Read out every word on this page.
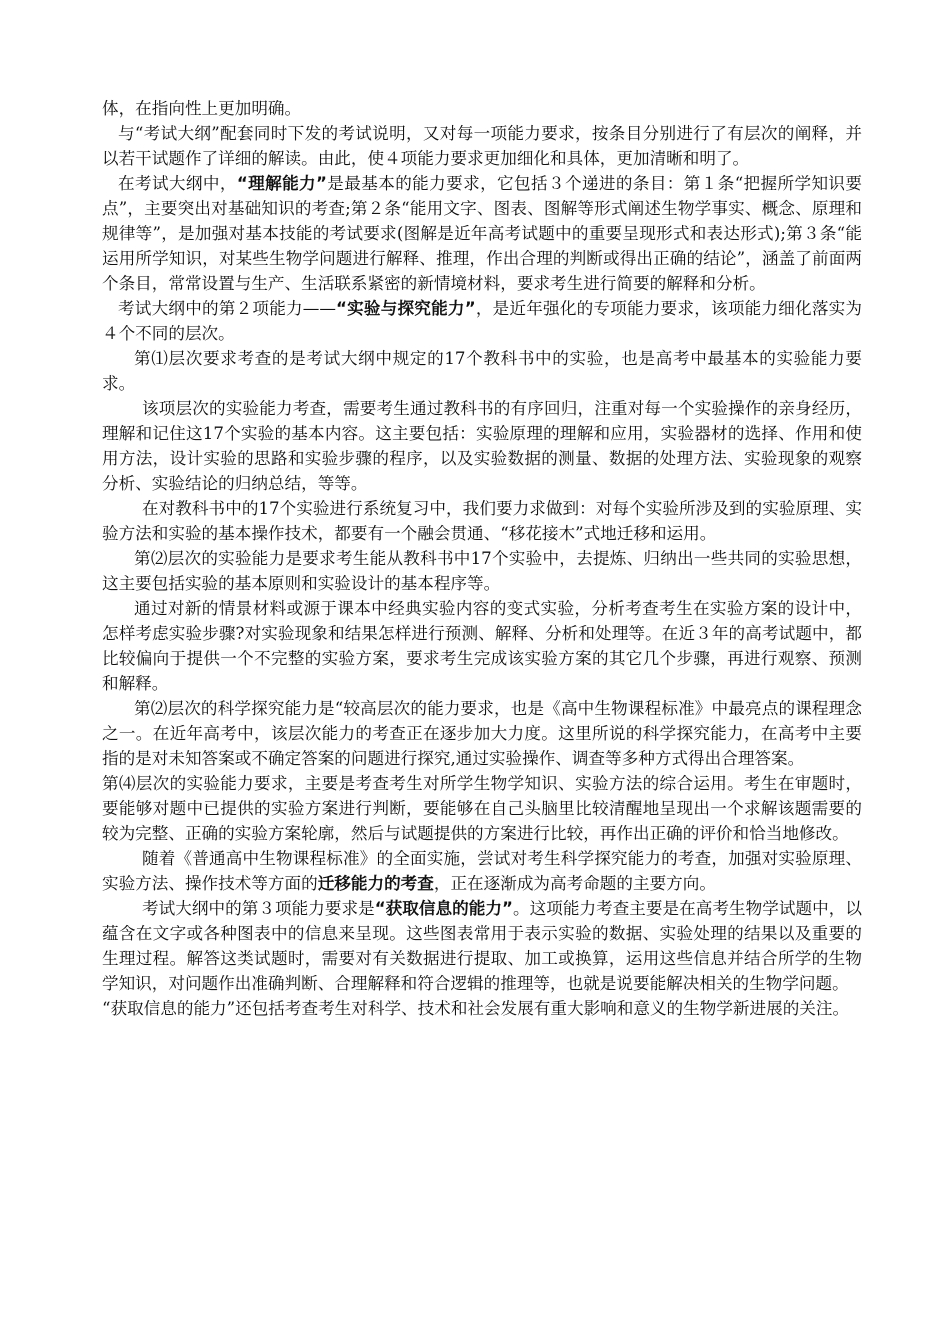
体，在指向性上更加明确。

与“考试大纲”配套同时下发的考试说明，又对每一项能力要求，按条目分别进行了有层次的阐释，并以若干试题作了详细的解读。由此，使４项能力要求更加细化和具体，更加清晰和明了。

在考试大纲中，“理解能力”是最基本的能力要求，它包括３个递进的条目：第１条“把握所学知识要点”，主要突出对基础知识的考查;第２条“能用文字、图表、图解等形式阐述生物学事实、概念、原理和规律等”，是加强对基本技能的考试要求(图解是近年高考试题中的重要呈现形式和表达形式);第３条“能运用所学知识，对某些生物学问题进行解释、推理，作出合理的判断或得出正确的结论”，涵盖了前面两个条目，常常设置与生产、生活联系紧密的新情境材料，要求考生进行简要的解释和分析。

考试大纲中的第２项能力——“实验与探究能力”，是近年强化的专项能力要求，该项能力细化落实为４个不同的层次。

第⑴层次要求考查的是考试大纲中规定的17个教科书中的实验，也是高考中最基本的实验能力要求。

该项层次的实验能力考查，需要考生通过教科书的有序回归，注重对每一个实验操作的亲身经历，理解和记住这17个实验的基本内容。这主要包括：实验原理的理解和应用，实验器材的选择、作用和使用方法，设计实验的思路和实验步骤的程序，以及实验数据的测量、数据的处理方法、实验现象的观察分析、实验结论的归纳总结，等等。

在对教科书中的17个实验进行系统复习中，我们要力求做到：对每个实验所涉及到的实验原理、实验方法和实验的基本操作技术，都要有一个融会贯通、“移花接木”式地迁移和运用。

第⑵层次的实验能力是要求考生能从教科书中17个实验中，去提炼、归纳出一些共同的实验思想，这主要包括实验的基本原则和实验设计的基本程序等。

通过对新的情景材料或源于课本中经典实验内容的变式实验，分析考查考生在实验方案的设计中，怎样考虑实验步骤?对实验现象和结果怎样进行预测、解释、分析和处理等。在近３年的高考试题中，都比较偏向于提供一个不完整的实验方案，要求考生完成该实验方案的其它几个步骤，再进行观察、预测和解释。

第⑵层次的科学探究能力是“较高层次的能力要求，也是《高中生物课程标准》中最亮点的课程理念之一。在近年高考中，该层次能力的考查正在逐步加大力度。这里所说的科学探究能力，在高考中主要指的是对未知答案或不确定答案的问题进行探究,通过实验操作、调查等多种方式得出合理答案。

第⑷层次的实验能力要求，主要是考查考生对所学生物学知识、实验方法的综合运用。考生在审题时，要能够对题中已提供的实验方案进行判断，要能够在自己头脑里比较清醒地呈现出一个求解该题需要的较为完整、正确的实验方案轮廓，然后与试题提供的方案进行比较，再作出正确的评价和恰当地修改。

随着《普通高中生物课程标准》的全面实施，尝试对考生科学探究能力的考查，加强对实验原理、实验方法、操作技术等方面的迁移能力的考查，正在逐渐成为高考命题的主要方向。

考试大纲中的第３项能力要求是“获取信息的能力”。这项能力考查主要是在高考生物学试题中，以蕴含在文字或各种图表中的信息来呈现。这些图表常用于表示实验的数据、实验处理的结果以及重要的生理过程。解答这类试题时，需要对有关数据进行提取、加工或换算，运用这些信息并结合所学的生物学知识，对问题作出准确判断、合理解释和符合逻辑的推理等，也就是说要能解决相关的生物学问题。

“获取信息的能力”还包括考查考生对科学、技术和社会发展有重大影响和意义的生物学新进展的关注。
